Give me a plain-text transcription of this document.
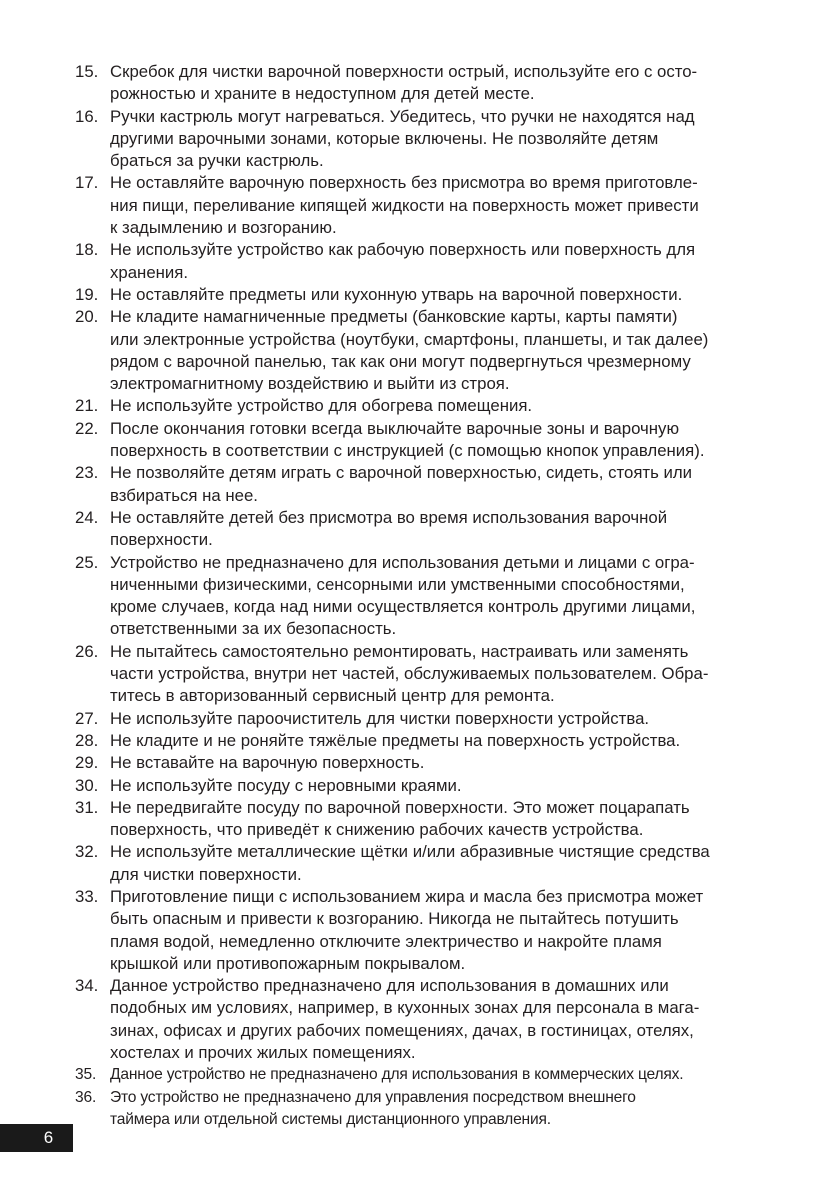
15. Скребок для чистки варочной поверхности острый, используйте его с осто-
рожностью и храните в недоступном для детей месте.
16. Ручки кастрюль могут нагреваться. Убедитесь, что ручки не находятся над
другими варочными зонами, которые включены. Не позволяйте детям
браться за ручки кастрюль.
17. Не оставляйте варочную поверхность без присмотра во время приготовле-
ния пищи, переливание кипящей жидкости на поверхность может привести
к задымлению и возгоранию.
18. Не используйте устройство как рабочую поверхность или поверхность для
хранения.
19. Не оставляйте предметы или кухонную утварь на варочной поверхности.
20. Не кладите намагниченные предметы (банковские карты, карты памяти)
или электронные устройства (ноутбуки, смартфоны, планшеты, и так далее)
рядом с варочной панелью, так как они могут подвергнуться чрезмерному
электромагнитному воздействию и выйти из строя.
21. Не используйте устройство для обогрева помещения.
22. После окончания готовки всегда выключайте варочные зоны и варочную
поверхность в соответствии с инструкцией (с помощью кнопок управления).
23. Не позволяйте детям играть с варочной поверхностью, сидеть, стоять или
взбираться на нее.
24. Не оставляйте детей без присмотра во время использования варочной
поверхности.
25. Устройство не предназначено для использования детьми и лицами с огра-
ниченными физическими, сенсорными или умственными способностями,
кроме случаев, когда над ними осуществляется контроль другими лицами,
ответственными за их безопасность.
26. Не пытайтесь самостоятельно ремонтировать, настраивать или заменять
части устройства, внутри нет частей, обслуживаемых пользователем. Обра-
титесь в авторизованный сервисный центр для ремонта.
27. Не используйте пароочиститель для чистки поверхности устройства.
28. Не кладите и не роняйте тяжёлые предметы на поверхность устройства.
29. Не вставайте на варочную поверхность.
30. Не используйте посуду с неровными краями.
31. Не передвигайте посуду по варочной поверхности. Это может поцарапать
поверхность, что приведёт к снижению рабочих качеств устройства.
32. Не используйте металлические щётки и/или абразивные чистящие средства
для чистки поверхности.
33. Приготовление пищи с использованием жира и масла без присмотра может
быть опасным и привести к возгоранию. Никогда не пытайтесь потушить
пламя водой, немедленно отключите электричество и накройте пламя
крышкой или противопожарным покрывалом.
34. Данное устройство предназначено для использования в домашних или
подобных им условиях, например, в кухонных зонах для персонала в мага-
зинах, офисах и других рабочих помещениях, дачах, в гостиницах, отелях,
хостелах и прочих жилых помещениях.
35. Данное устройство не предназначено для использования в коммерческих целях.
36. Это устройство не предназначено для управления посредством внешнего
таймера или отдельной системы дистанционного управления.
6
